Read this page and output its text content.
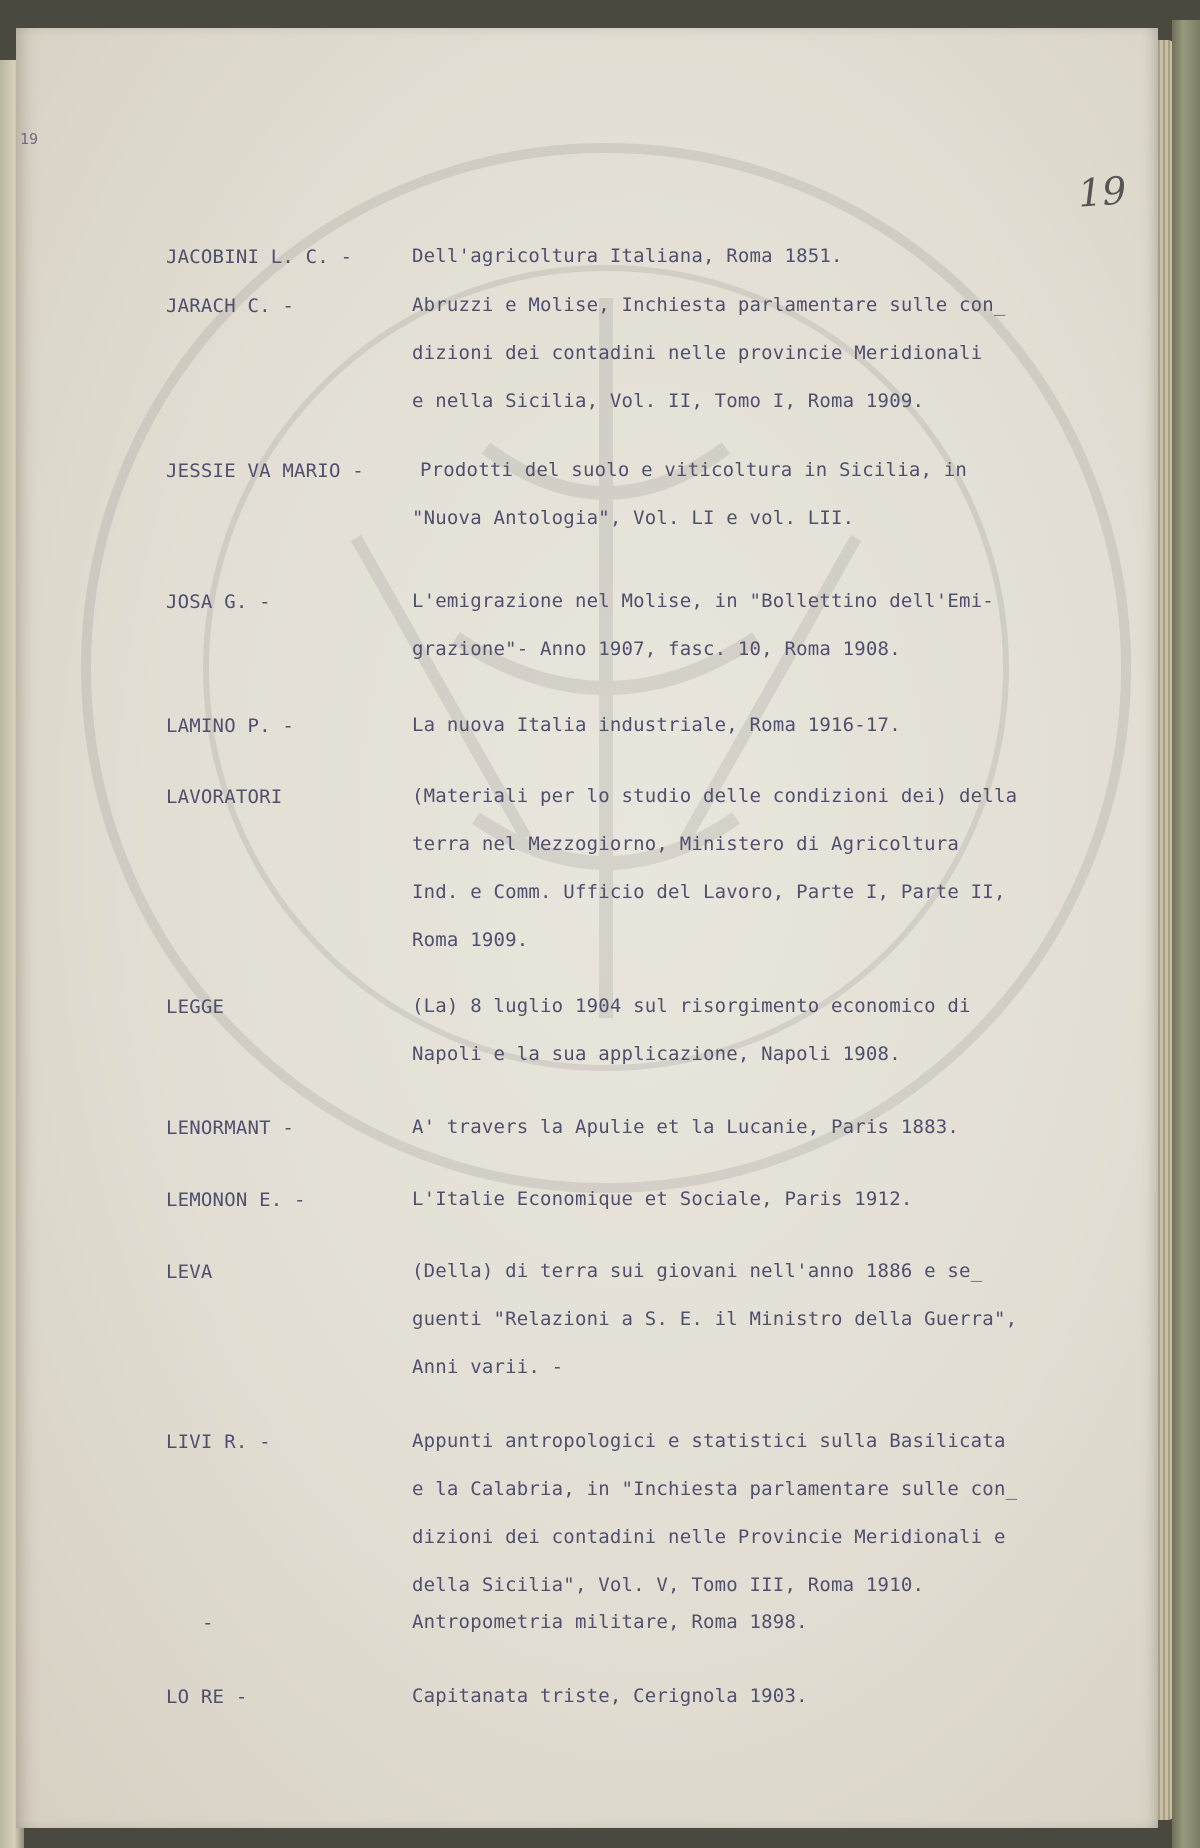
19
19
JACOBINI L. C. -	Dell'agricoltura Italiana, Roma 1851.
JARACH C. -	Abruzzi e Molise, Inchiesta parlamentare sulle con_
dizioni dei contadini nelle provincie Meridionali
e nella Sicilia, Vol. II, Tomo I, Roma 1909.
JESSIE VA MARIO -	Prodotti del suolo e viticoltura in Sicilia, in
"Nuova Antologia", Vol. LI e vol. LII.
JOSA G. -	L'emigrazione nel Molise, in "Bollettino dell'Emi-
grazione"- Anno 1907, fasc. 10, Roma 1908.
LAMINO P. -	La nuova Italia industriale, Roma 1916-17.
LAVORATORI	(Materiali per lo studio delle condizioni dei) della
terra nel Mezzogiorno, Ministero di Agricoltura
Ind. e Comm. Ufficio del Lavoro, Parte I, Parte II,
Roma 1909.
LEGGE	(La) 8 luglio 1904 sul risorgimento economico di
Napoli e la sua applicazione, Napoli 1908.
LENORMANT -	A' travers la Apulie et la Lucanie, Paris 1883.
LEMONON E. -	L'Italie Economique et Sociale, Paris 1912.
LEVA	(Della) di terra sui giovani nell'anno 1886 e se_
guenti "Relazioni a S. E. il Ministro della Guerra",
Anni varii. -
LIVI R. -	Appunti antropologici e statistici sulla Basilicata
e la Calabria, in "Inchiesta parlamentare sulle con_
dizioni dei contadini nelle Provincie Meridionali e
della Sicilia", Vol. V, Tomo III, Roma 1910.
-	Antropometria militare, Roma 1898.
LO RE -	Capitanata triste, Cerignola 1903.
